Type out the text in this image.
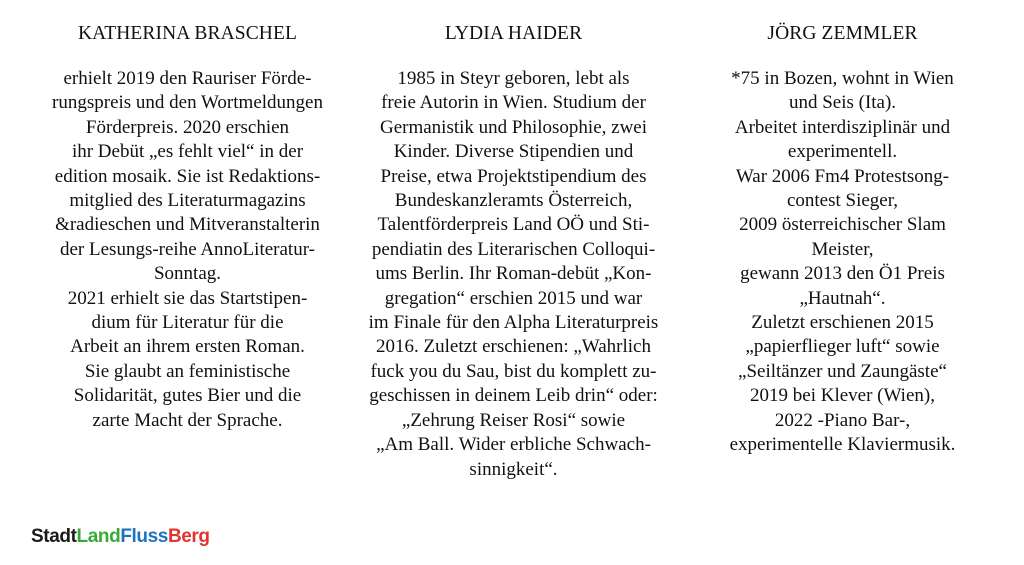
KATHERINA BRASCHEL
erhielt 2019 den Rauriser Förde-
rungspreis und den Wortmeldungen
Förderpreis. 2020 erschien
ihr Debüt „es fehlt viel“ in der
edition mosaik. Sie ist Redaktions-
mitglied des Literaturmagazins
&radieschen und Mitveranstalterin
der Lesungs-reihe AnnoLiteratur-
Sonntag.
2021 erhielt sie das Startstipen-
dium für Literatur für die
Arbeit an ihrem ersten Roman.
Sie glaubt an feministische
Solidarität, gutes Bier und die
zarte Macht der Sprache.
LYDIA HAIDER
1985 in Steyr geboren, lebt als
freie Autorin in Wien. Studium der
Germanistik und Philosophie, zwei
Kinder. Diverse Stipendien und
Preise, etwa Projektstipendium des
Bundeskanzleramts Österreich,
Talentförderpreis Land OÖ und Sti-
pendiatin des Literarischen Colloqui-
ums Berlin. Ihr Roman-debüt „Kon-
gregation“ erschien 2015 und war
im Finale für den Alpha Literaturpreis
2016. Zuletzt erschienen: „Wahrlich
fuck you du Sau, bist du komplett zu-
geschissen in deinem Leib drin“ oder:
„Zehrung Reiser Rosi“ sowie
„Am Ball. Wider erbliche Schwach-
sinnigkeit“.
JÖRG ZEMMLER
*75 in Bozen, wohnt in Wien
und Seis (Ita).
Arbeitet interdisziplinär und
experimentell.
War 2006 Fm4 Protestsong-
contest Sieger,
2009 österreichischer Slam
Meister,
gewann 2013 den Ö1 Preis
„Hautnah“.
Zuletzt erschienen 2015
„papierflieger luft“ sowie
„Seiltänzer und Zaungäste“
2019 bei Klever (Wien),
2022 -Piano Bar-,
experimentelle Klaviermusik.
StadtLandFlussBerg
